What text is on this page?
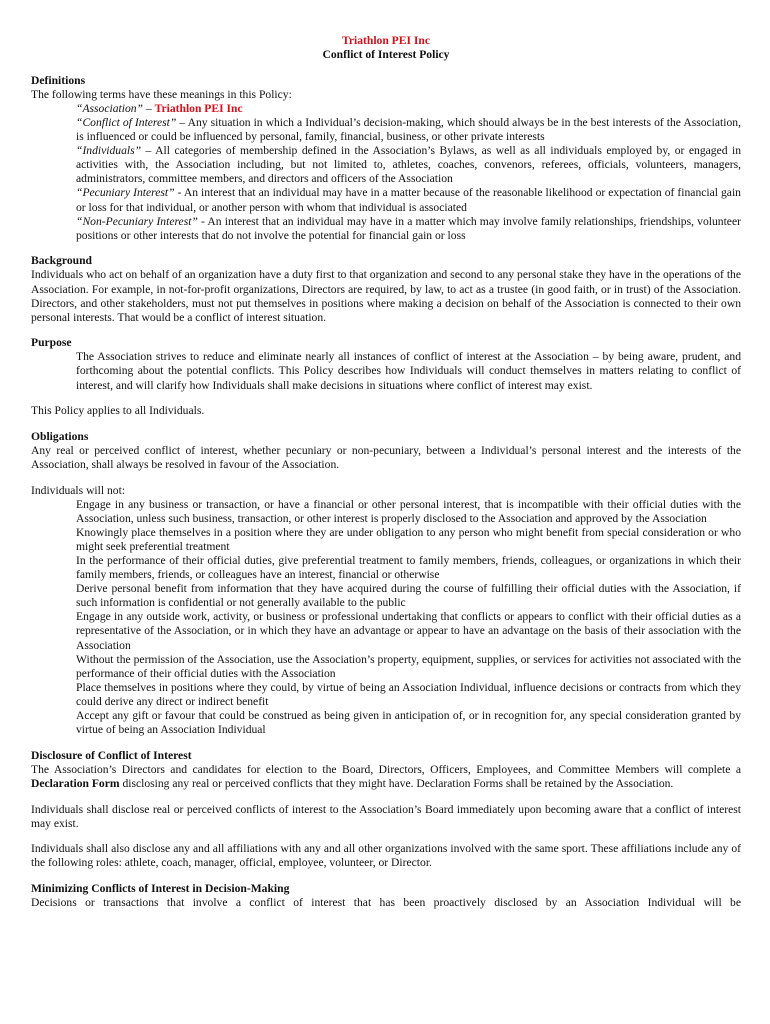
Triathlon PEI Inc
Conflict of Interest Policy
Definitions

The following terms have these meanings in this Policy:

“Association” – Triathlon PEI Inc

“Conflict of Interest” – Any situation in which a Individual’s decision-making, which should always be in the best interests of the Association, is influenced or could be influenced by personal, family, financial, business, or other private interests

“Individuals” – All categories of membership defined in the Association’s Bylaws, as well as all individuals employed by, or engaged in activities with, the Association including, but not limited to, athletes, coaches, convenors, referees, officials, volunteers, managers, administrators, committee members, and directors and officers of the Association

“Pecuniary Interest” - An interest that an individual may have in a matter because of the reasonable likelihood or expectation of financial gain or loss for that individual, or another person with whom that individual is associated

“Non-Pecuniary Interest” - An interest that an individual may have in a matter which may involve family relationships, friendships, volunteer positions or other interests that do not involve the potential for financial gain or loss

Background

Individuals who act on behalf of an organization have a duty first to that organization and second to any personal stake they have in the operations of the Association. For example, in not-for-profit organizations, Directors are required, by law, to act as a trustee (in good faith, or in trust) of the Association. Directors, and other stakeholders, must not put themselves in positions where making a decision on behalf of the Association is connected to their own personal interests. That would be a conflict of interest situation.

Purpose

The Association strives to reduce and eliminate nearly all instances of conflict of interest at the Association – by being aware, prudent, and forthcoming about the potential conflicts. This Policy describes how Individuals will conduct themselves in matters relating to conflict of interest, and will clarify how Individuals shall make decisions in situations where conflict of interest may exist.

This Policy applies to all Individuals.

Obligations

Any real or perceived conflict of interest, whether pecuniary or non-pecuniary, between a Individual’s personal interest and the interests of the Association, shall always be resolved in favour of the Association.

Individuals will not:

Engage in any business or transaction, or have a financial or other personal interest, that is incompatible with their official duties with the Association, unless such business, transaction, or other interest is properly disclosed to the Association and approved by the Association

Knowingly place themselves in a position where they are under obligation to any person who might benefit from special consideration or who might seek preferential treatment

In the performance of their official duties, give preferential treatment to family members, friends, colleagues, or organizations in which their family members, friends, or colleagues have an interest, financial or otherwise

Derive personal benefit from information that they have acquired during the course of fulfilling their official duties with the Association, if such information is confidential or not generally available to the public

Engage in any outside work, activity, or business or professional undertaking that conflicts or appears to conflict with their official duties as a representative of the Association, or in which they have an advantage or appear to have an advantage on the basis of their association with the Association

Without the permission of the Association, use the Association’s property, equipment, supplies, or services for activities not associated with the performance of their official duties with the Association

Place themselves in positions where they could, by virtue of being an Association Individual, influence decisions or contracts from which they could derive any direct or indirect benefit

Accept any gift or favour that could be construed as being given in anticipation of, or in recognition for, any special consideration granted by virtue of being an Association Individual

Disclosure of Conflict of Interest

The Association’s Directors and candidates for election to the Board, Directors, Officers, Employees, and Committee Members will complete a Declaration Form disclosing any real or perceived conflicts that they might have. Declaration Forms shall be retained by the Association.

Individuals shall disclose real or perceived conflicts of interest to the Association’s Board immediately upon becoming aware that a conflict of interest may exist.

Individuals shall also disclose any and all affiliations with any and all other organizations involved with the same sport. These affiliations include any of the following roles: athlete, coach, manager, official, employee, volunteer, or Director.

Minimizing Conflicts of Interest in Decision-Making

Decisions or transactions that involve a conflict of interest that has been proactively disclosed by an Association Individual will be
